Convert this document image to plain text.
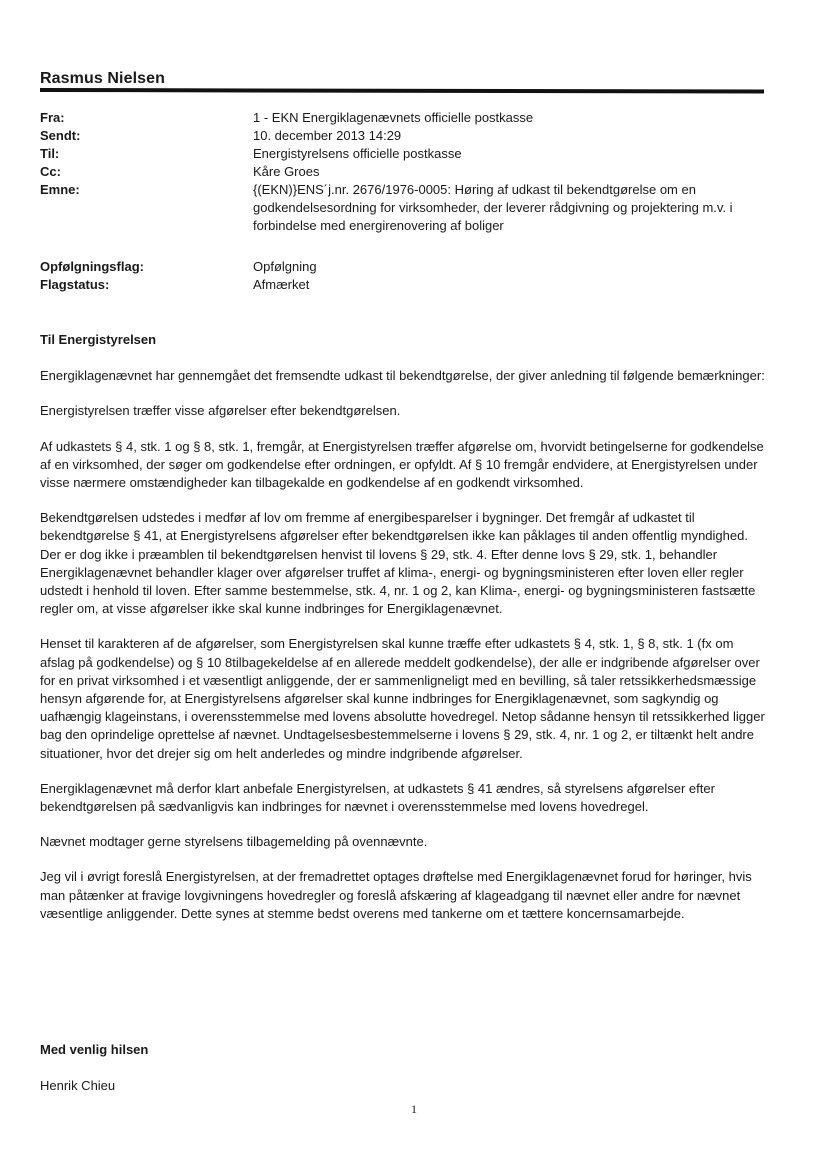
Rasmus Nielsen
Fra:	1 - EKN Energiklagenævnets officielle postkasse
Sendt:	10. december 2013 14:29
Til:	Energistyrelsens officielle postkasse
Cc:	Kåre Groes
Emne:	{(EKN)}ENS´j.nr. 2676/1976-0005: Høring af udkast til bekendtgørelse om en godkendelsesordning for virksomheder, der leverer rådgivning og projektering m.v. i forbindelse med energirenovering af boliger
Opfølgningsflag:	Opfølgning
Flagstatus:	Afmærket

Til Energistyrelsen

Energiklagenævnet har gennemgået det fremsendte udkast til bekendtgørelse, der giver anledning til følgende bemærkninger:

Energistyrelsen træffer visse afgørelser efter bekendtgørelsen.

Af udkastets § 4, stk. 1 og § 8, stk. 1, fremgår, at Energistyrelsen træffer afgørelse om, hvorvidt betingelserne for godkendelse af en virksomhed, der søger om godkendelse efter ordningen, er opfyldt. Af § 10 fremgår endvidere, at Energistyrelsen under visse nærmere omstændigheder kan tilbagekalde en godkendelse af en godkendt virksomhed.

Bekendtgørelsen udstedes i medfør af lov om fremme af energibesparelser i bygninger. Det fremgår af udkastet til bekendtgørelse § 41, at Energistyrelsens afgørelser efter bekendtgørelsen ikke kan påklages til anden offentlig myndighed. Der er dog ikke i præamblen til bekendtgørelsen henvist til lovens § 29, stk. 4. Efter denne lovs § 29, stk. 1, behandler Energiklagenævnet behandler klager over afgørelser truffet af klima-, energi- og bygningsministeren efter loven eller regler udstedt i henhold til loven. Efter samme bestemmelse, stk. 4, nr. 1 og 2, kan Klima-, energi- og bygningsministeren fastsætte regler om, at visse afgørelser ikke skal kunne indbringes for Energiklagenævnet.

Henset til karakteren af de afgørelser, som Energistyrelsen skal kunne træffe efter udkastets § 4, stk. 1, § 8, stk. 1 (fx om afslag på godkendelse) og § 10 8tilbagekeldelse af en allerede meddelt godkendelse), der alle er indgribende afgørelser over for en privat virksomhed i et væsentligt anliggende, der er sammenligneligt med en bevilling, så taler retssikkerhedsmæssige hensyn afgørende for, at Energistyrelsens afgørelser skal kunne indbringes for Energiklagenævnet, som sagkyndig og uafhængig klageinstans, i overensstemmelse med lovens absolutte hovedregel. Netop sådanne hensyn til retssikkerhed ligger bag den oprindelige oprettelse af nævnet. Undtagelsesbestemmelserne i lovens § 29, stk. 4, nr. 1 og 2, er tiltænkt helt andre situationer, hvor det drejer sig om helt anderledes og mindre indgribende afgørelser.

Energiklagenævnet må derfor klart anbefale Energistyrelsen, at udkastets § 41 ændres, så styrelsens afgørelser efter bekendtgørelsen på sædvanligvis kan indbringes for nævnet i overensstemmelse med lovens hovedregel.

Nævnet modtager gerne styrelsens tilbagemelding på ovennævnte.

Jeg vil i øvrigt foreslå Energistyrelsen, at der fremadrettet optages drøftelse med Energiklagenævnet forud for høringer, hvis man påtænker at fravige lovgivningens hovedregler og foreslå afskæring af klageadgang til nævnet eller andre for nævnet væsentlige anliggender. Dette synes at stemme bedst overens med tankerne om et tættere koncernsamarbejde.

Med venlig hilsen
Henrik Chieu
1
